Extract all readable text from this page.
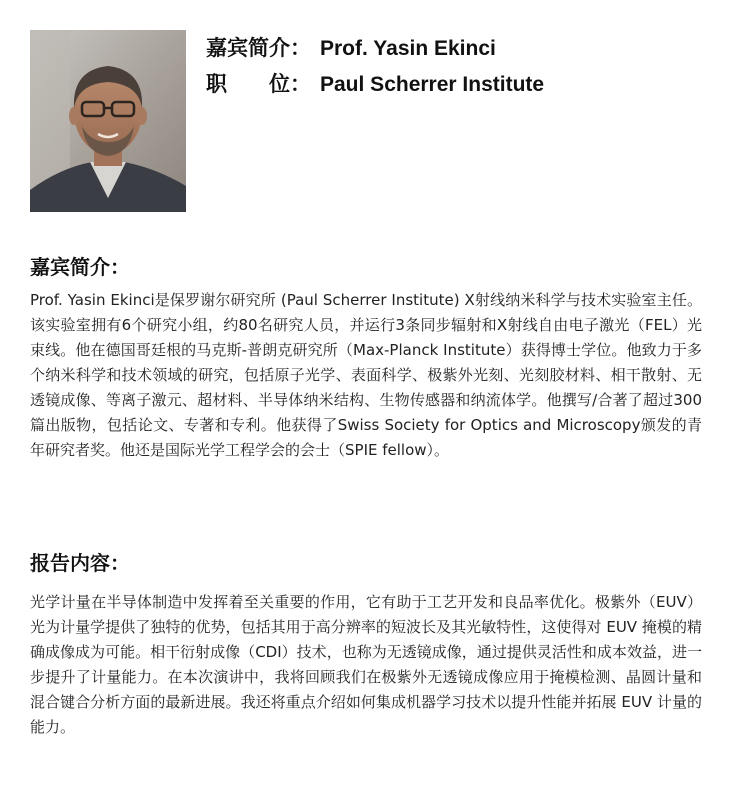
嘉宾简介： Prof. Yasin Ekinci
职　　位： Paul Scherrer Institute
嘉宾简介：

Prof. Yasin Ekinci是保罗谢尔研究所 (Paul Scherrer Institute) X射线纳米科学与技术实验室主任。该实验室拥有6个研究小组，约80名研究人员，并运行3条同步辐射和X射线自由电子激光（FEL）光束线。他在德国哥廷根的马克斯-普朗克研究所（Max-Planck Institute）获得博士学位。他致力于多个纳米科学和技术领域的研究，包括原子光学、表面科学、极紫外光刻、光刻胶材料、相干散射、无透镜成像、等离子激元、超材料、半导体纳米结构、生物传感器和纳流体学。他撰写/合著了超过300篇出版物，包括论文、专著和专利。他获得了Swiss Society for Optics and Microscopy颁发的青年研究者奖。他还是国际光学工程学会的会士（SPIE fellow）。

报告内容：

光学计量在半导体制造中发挥着至关重要的作用，它有助于工艺开发和良品率优化。极紫外（EUV）光为计量学提供了独特的优势，包括其用于高分辨率的短波长及其光敏特性，这使得对 EUV 掩模的精确成像成为可能。相干衍射成像（CDI）技术，也称为无透镜成像，通过提供灵活性和成本效益，进一步提升了计量能力。在本次演讲中，我将回顾我们在极紫外无透镜成像应用于掩模检测、晶圆计量和混合键合分析方面的最新进展。我还将重点介绍如何集成机器学习技术以提升性能并拓展 EUV 计量的能力。
